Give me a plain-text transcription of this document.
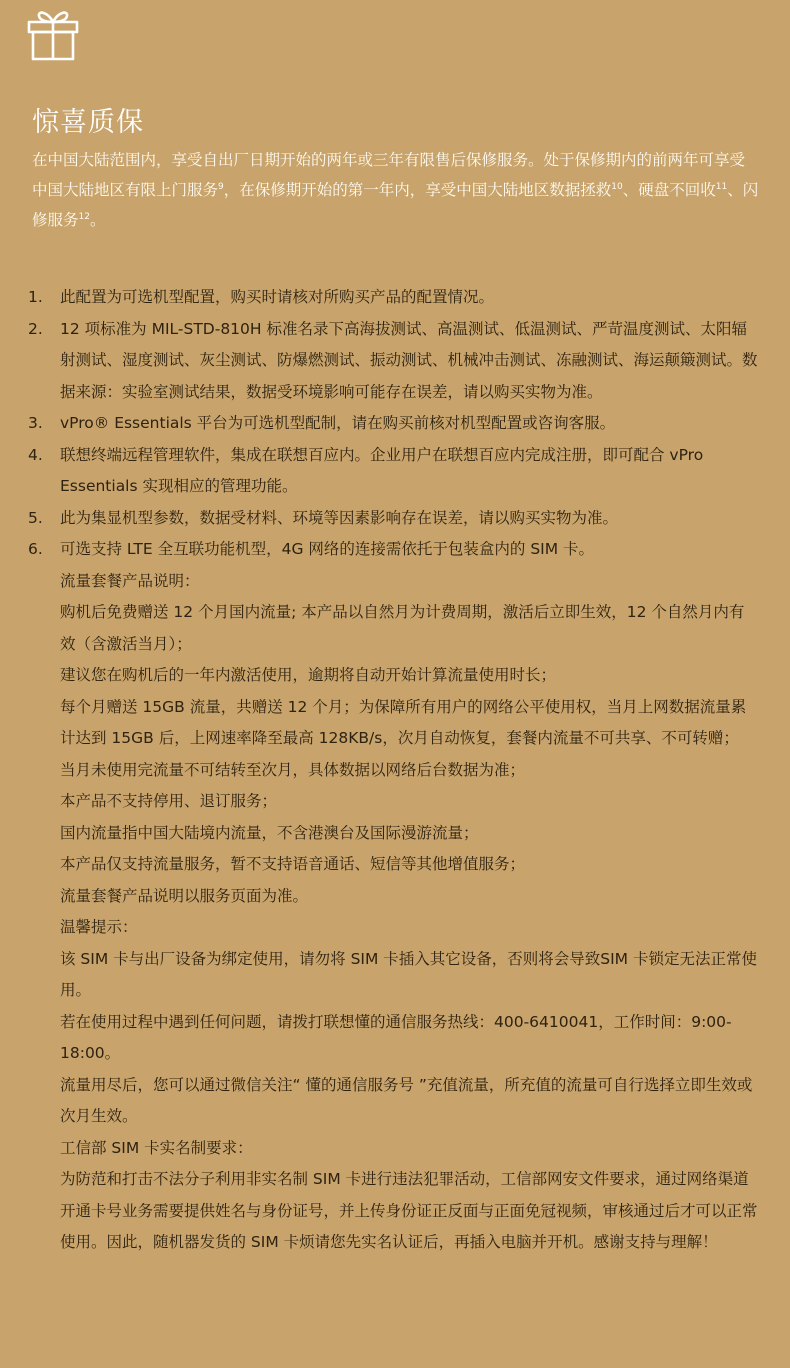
惊喜质保

在中国大陆范围内，享受自出厂日期开始的两年或三年有限售后保修服务。处于保修期内的前两年可享受中国大陆地区有限上门服务$^9$，在保修期开始的第一年内，享受中国大陆地区数据拯救$^{10}$、硬盘不回收$^{11}$、闪修服务$^{12}$。

1. 此配置为可选机型配置，购买时请核对所购买产品的配置情况。
2. 12 项标准为 MIL-STD-810H 标准名录下高海拔测试、高温测试、低温测试、严苛温度测试、太阳辐射测试、湿度测试、灰尘测试、防爆燃测试、振动测试、机械冲击测试、冻融测试、海运颠簸测试。数据来源：实验室测试结果，数据受环境影响可能存在误差，请以购买实物为准。
3. vPro® Essentials 平台为可选机型配制，请在购买前核对机型配置或咨询客服。
4. 联想终端远程管理软件，集成在联想百应内。企业用户在联想百应内完成注册，即可配合 vPro Essentials 实现相应的管理功能。
5. 此为集显机型参数，数据受材料、环境等因素影响存在误差，请以购买实物为准。
6. 可选支持 LTE 全互联功能机型，4G 网络的连接需依托于包装盒内的 SIM 卡。
流量套餐产品说明：
购机后免费赠送 12 个月国内流量; 本产品以自然月为计费周期，激活后立即生效，12 个自然月内有效（含激活当月）；
建议您在购机后的一年内激活使用，逾期将自动开始计算流量使用时长；
每个月赠送 15GB 流量，共赠送 12 个月；为保障所有用户的网络公平使用权，当月上网数据流量累计达到 15GB 后，上网速率降至最高 128KB/s，次月自动恢复，套餐内流量不可共享、不可转赠；
当月未使用完流量不可结转至次月，具体数据以网络后台数据为准；
本产品不支持停用、退订服务；
国内流量指中国大陆境内流量，不含港澳台及国际漫游流量；
本产品仅支持流量服务，暂不支持语音通话、短信等其他增值服务；
流量套餐产品说明以服务页面为准。
温馨提示：
该 SIM 卡与出厂设备为绑定使用，请勿将 SIM 卡插入其它设备，否则将会导致SIM 卡锁定无法正常使用。
若在使用过程中遇到任何问题，请拨打联想懂的通信服务热线：400-6410041，工作时间：9:00-18:00。
流量用尽后，您可以通过微信关注“ 懂的通信服务号 ”充值流量，所充值的流量可自行选择立即生效或次月生效。
工信部 SIM 卡实名制要求：
为防范和打击不法分子利用非实名制 SIM 卡进行违法犯罪活动，工信部网安文件要求，通过网络渠道开通卡号业务需要提供姓名与身份证号，并上传身份证正反面与正面免冠视频，审核通过后才可以正常使用。因此，随机器发货的 SIM 卡烦请您先实名认证后，再插入电脑并开机。感谢支持与理解！
